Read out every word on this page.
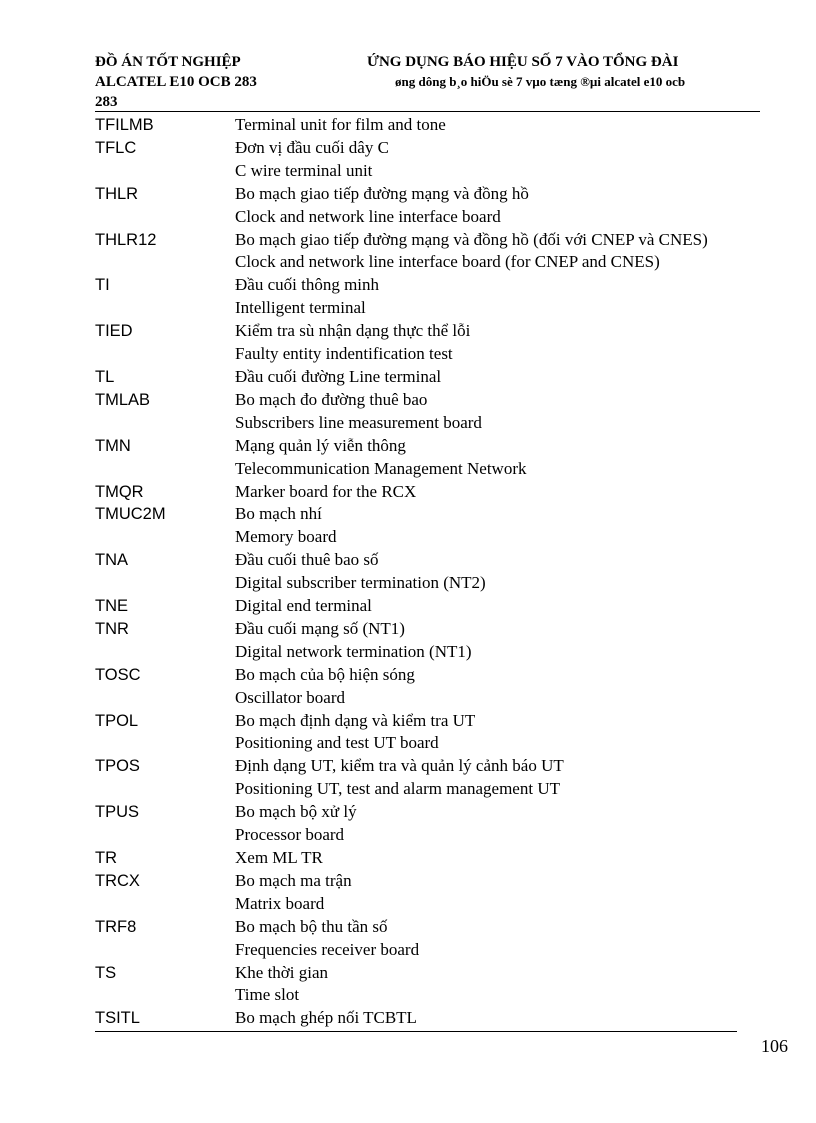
ĐỒ ÁN TỐT NGHIỆP
ALCATEL E10 OCB 283
283
ỨNG DỤNG BÁO HIỆU SỐ 7 VÀO TỔNG ĐÀI
øng dông b¸o hiÖu sè 7 vµo tæng ®µi alcatel e10 ocb
TFILMB	Terminal unit for film and tone
TFLC	Đơn vị đầu cuối dây C
C wire terminal unit
THLR	Bo mạch giao tiếp đường mạng và đồng hồ
Clock and network line interface board
THLR12	Bo mạch giao tiếp đường mạng và đồng hồ (đối với CNEP và CNES)
Clock and network line interface board (for CNEP and CNES)
TI	Đầu cuối thông minh
Intelligent terminal
TIED	Kiểm tra sù nhận dạng thực thể lỗi
Faulty entity indentification test
TL	Đầu cuối đường Line terminal
TMLAB	Bo mạch đo đường thuê bao
Subscribers line measurement board
TMN	Mạng quản lý viễn thông
Telecommunication Management Network
TMQR	Marker board for the RCX
TMUC2M	Bo mạch nhí
Memory board
TNA	Đầu cuối thuê bao số
Digital subscriber termination (NT2)
TNE	Digital end terminal
TNR	Đầu cuối mạng số (NT1)
Digital network termination (NT1)
TOSC	Bo mạch của bộ hiện sóng
Oscillator board
TPOL	Bo mạch định dạng và kiểm tra UT
Positioning and test UT board
TPOS	Định dạng UT, kiểm tra và quản lý cảnh báo UT
Positioning UT, test and alarm management UT
TPUS	Bo mạch bộ xử lý
Processor board
TR	Xem ML TR
TRCX	Bo mạch ma trận
Matrix board
TRF8	Bo mạch bộ thu tần số
Frequencies receiver board
TS	Khe thời gian
Time slot
TSITL	Bo mạch ghép nối TCBTL
106
